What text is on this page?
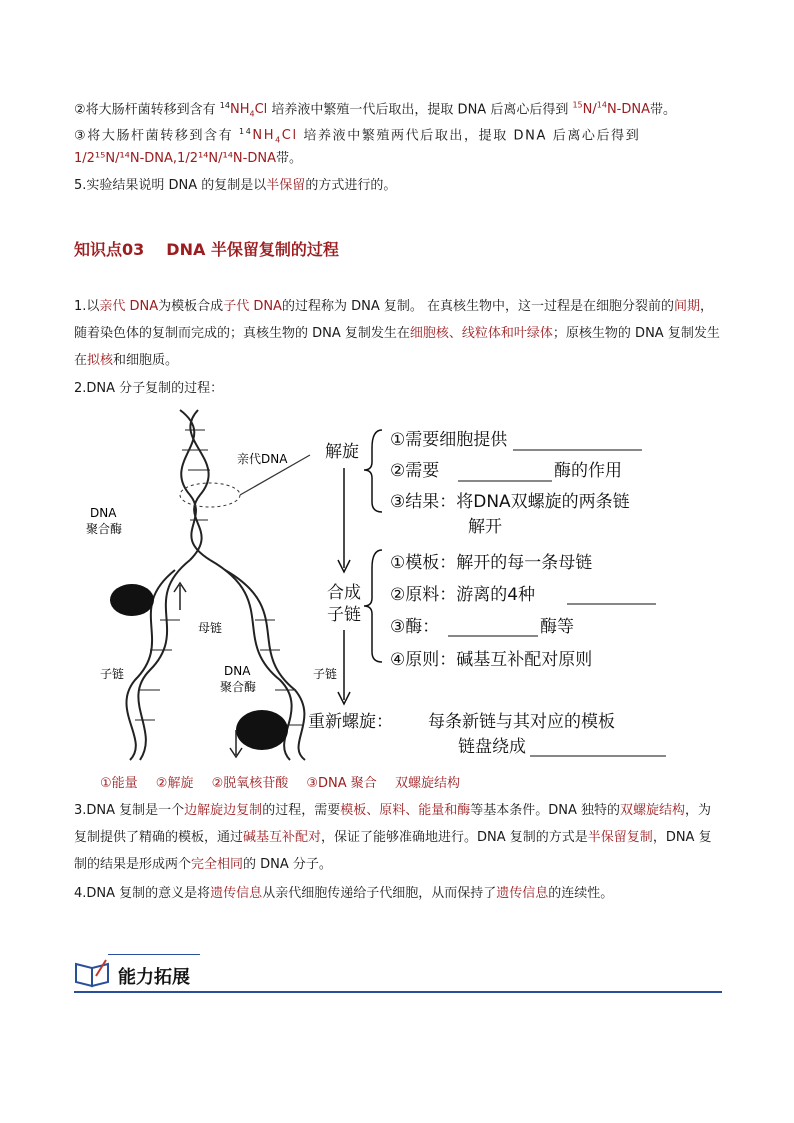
②将大肠杆菌转移到含有 $^{14}NH_4Cl$ 培养液中繁殖一代后取出，提取 DNA 后离心后得到 $^{15}$N/$^{14}$N-DNA带。
③将大肠杆菌转移到含有 $^{14}NH_4Cl$ 培养液中繁殖两代后取出，提取 DNA 后离心后得到
1/2¹⁵N/¹⁴N-DNA,1/2¹⁴N/¹⁴N-DNA带。
5.实验结果说明 DNA 的复制是以半保留的方式进行的。
知识点03 DNA 半保留复制的过程
1.以亲代 DNA为模板合成子代 DNA的过程称为 DNA 复制。 在真核生物中，这一过程是在细胞分裂前的间期，随着染色体的复制而完成的；真核生物的 DNA 复制发生在细胞核、线粒体和叶绿体；原核生物的 DNA 复制发生在拟核和细胞质。
2.DNA 分子复制的过程：
亲代DNA
DNA
聚合酶
母链
子链	DNA
聚合酶
子链
解旋
合成
子链
重新螺旋：
①需要细胞提供
②需要	酶的作用
③结果：将DNA双螺旋的两条链
解开
①模板：解开的每一条母链
②原料：游离的4种
③酶：	酶等
④原则：碱基互补配对原则
每条新链与其对应的模板
链盘绕成
①能量 ②解旋 ②脱氧核苷酸 ③DNA 聚合 双螺旋结构
3.DNA 复制是一个边解旋边复制的过程，需要模板、原料、能量和酶等基本条件。DNA 独特的双螺旋结构，为复制提供了精确的模板，通过碱基互补配对，保证了能够准确地进行。DNA 复制的方式是半保留复制，DNA 复制的结果是形成两个完全相同的 DNA 分子。
4.DNA 复制的意义是将遗传信息从亲代细胞传递给子代细胞，从而保持了遗传信息的连续性。
能力拓展
